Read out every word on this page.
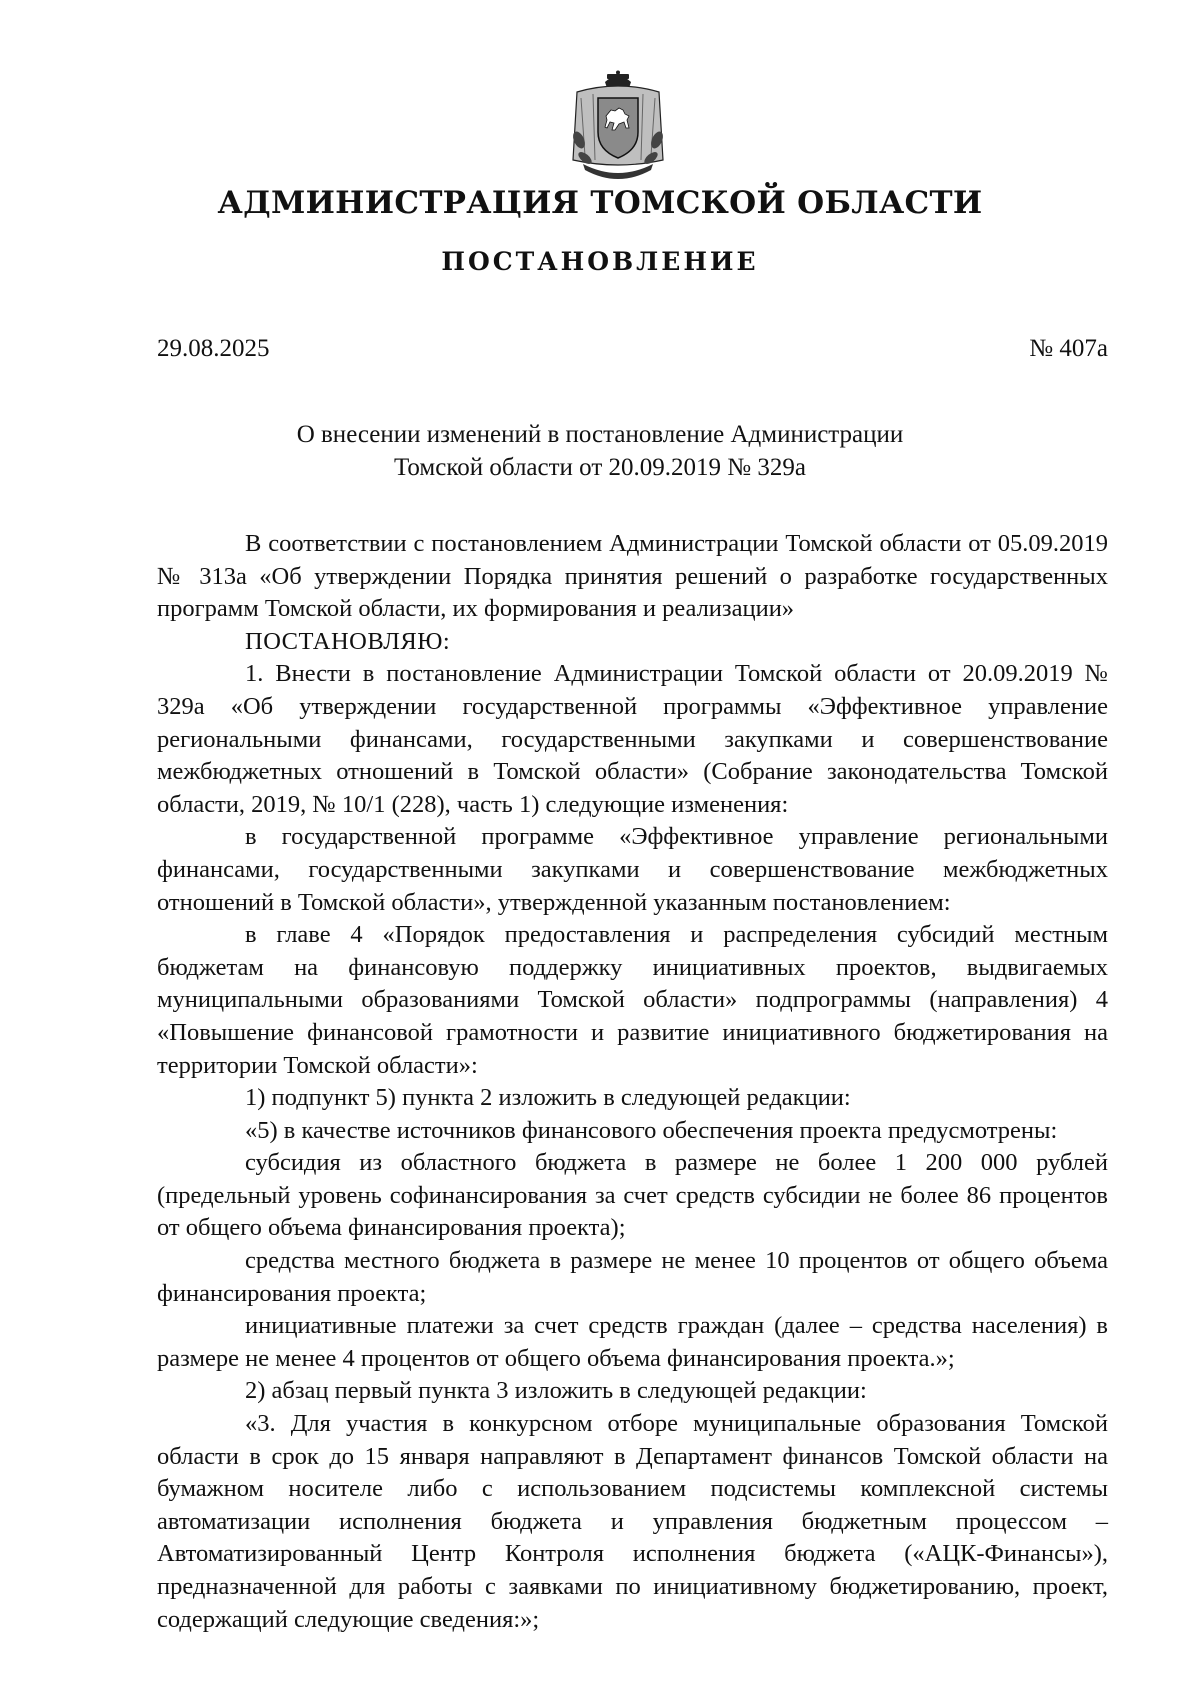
АДМИНИСТРАЦИЯ ТОМСКОЙ ОБЛАСТИ
ПОСТАНОВЛЕНИЕ
29.08.2025	№ 407а
О внесении изменений в постановление Администрации
Томской области от 20.09.2019 № 329а

В соответствии с постановлением Администрации Томской области от 05.09.2019 № 313а «Об утверждении Порядка принятия решений о разработке государственных программ Томской области, их формирования и реализации»

ПОСТАНОВЛЯЮ:

1. Внести в постановление Администрации Томской области от 20.09.2019 № 329а «Об утверждении государственной программы «Эффективное управление региональными финансами, государственными закупками и совершенствование межбюджетных отношений в Томской области» (Собрание законодательства Томской области, 2019, № 10/1 (228), часть 1) следующие изменения:

в государственной программе «Эффективное управление региональными финансами, государственными закупками и совершенствование межбюджетных отношений в Томской области», утвержденной указанным постановлением:

в главе 4 «Порядок предоставления и распределения субсидий местным бюджетам на финансовую поддержку инициативных проектов, выдвигаемых муниципальными образованиями Томской области» подпрограммы (направления) 4 «Повышение финансовой грамотности и развитие инициативного бюджетирования на территории Томской области»:

1) подпункт 5) пункта 2 изложить в следующей редакции:

«5) в качестве источников финансового обеспечения проекта предусмотрены:

субсидия из областного бюджета в размере не более 1 200 000 рублей (предельный уровень софинансирования за счет средств субсидии не более 86 процентов от общего объема финансирования проекта);

средства местного бюджета в размере не менее 10 процентов от общего объема финансирования проекта;

инициативные платежи за счет средств граждан (далее – средства населения) в размере не менее 4 процентов от общего объема финансирования проекта.»;

2) абзац первый пункта 3 изложить в следующей редакции:

«3. Для участия в конкурсном отборе муниципальные образования Томской области в срок до 15 января направляют в Департамент финансов Томской области на бумажном носителе либо с использованием подсистемы комплексной системы автоматизации исполнения бюджета и управления бюджетным процессом – Автоматизированный Центр Контроля исполнения бюджета («АЦК-Финансы»), предназначенной для работы с заявками по инициативному бюджетированию, проект, содержащий следующие сведения:»;
